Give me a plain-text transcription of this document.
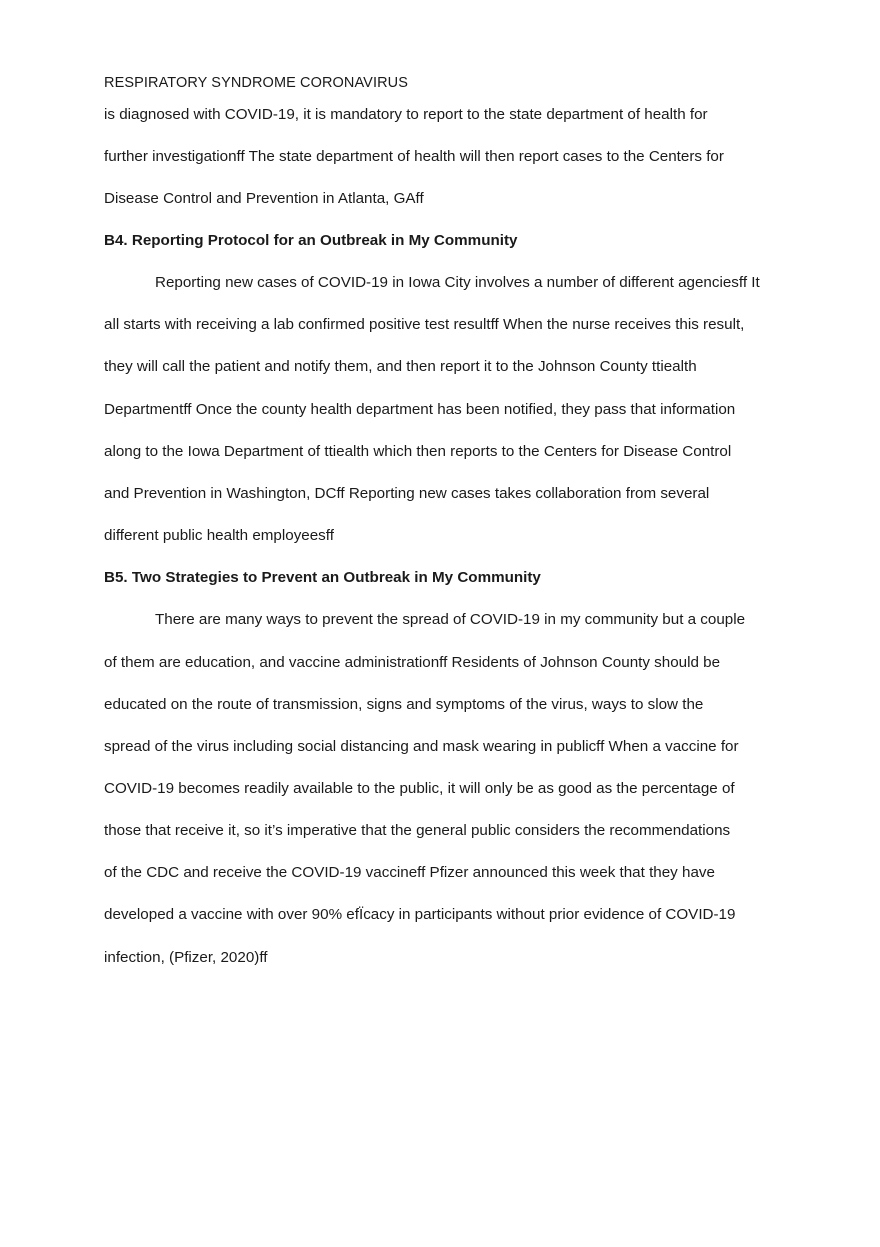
RESPIRATORY SYNDROME CORONAVIRUS
is diagnosed with COVID-19, it is mandatory to report to the state department of health for
further investigationff The state department of health will then report cases to the Centers for
Disease Control and Prevention in Atlanta, GAff
B4. Reporting Protocol for an Outbreak in My Community
Reporting new cases of COVID-19 in Iowa City involves a number of different agenciesff It
all starts with receiving a lab confirmed positive test resultff When the nurse receives this result,
they will call the patient and notify them, and then report it to the Johnson County ttiealth
Departmentff Once the county health department has been notified, they pass that information
along to the Iowa Department of ttiealth which then reports to the Centers for Disease Control
and Prevention in Washington, DCff Reporting new cases takes collaboration from several
different public health employeesff
B5. Two Strategies to Prevent an Outbreak in My Community
There are many ways to prevent the spread of COVID-19 in my community but a couple
of them are education, and vaccine administrationff Residents of Johnson County should be
educated on the route of transmission, signs and symptoms of the virus, ways to slow the
spread of the virus including social distancing and mask wearing in publicff When a vaccine for
COVID-19 becomes readily available to the public, it will only be as good as the percentage of
those that receive it, so it’s imperative that the general public considers the recommendations
of the CDC and receive the COVID-19 vaccineff Pfizer announced this week that they have
developed a vaccine with over 90% efÏcacy in participants without prior evidence of COVID-19
infection, (Pfizer, 2020)ff
